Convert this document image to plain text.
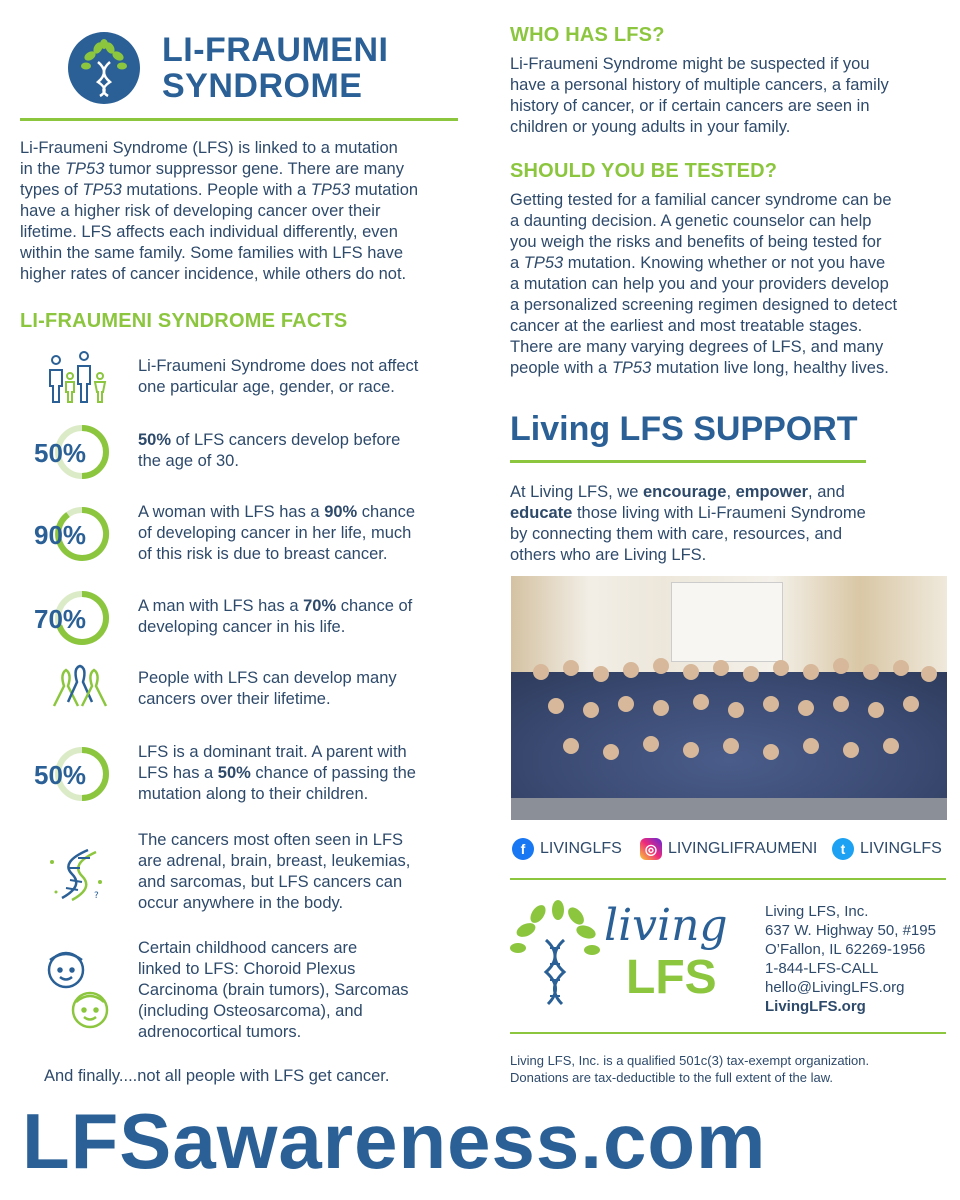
LI-FRAUMENI
SYNDROME
Li-Fraumeni Syndrome (LFS) is linked to a mutation
in the TP53 tumor suppressor gene. There are many
types of TP53 mutations. People with a TP53 mutation
have a higher risk of developing cancer over their
lifetime. LFS affects each individual differently, even
within the same family. Some families with LFS have
higher rates of cancer incidence, while others do not.
LI-FRAUMENI SYNDROME FACTS
Li-Fraumeni Syndrome does not affect
one particular age, gender, or race.
50%	50% of LFS cancers develop before
the age of 30.
90%
A woman with LFS has a 90% chance
of developing cancer in her life, much
of this risk is due to breast cancer.
70%	A man with LFS has a 70% chance of
developing cancer in his life.
People with LFS can develop many
cancers over their lifetime.
50%
LFS is a dominant trait. A parent with
LFS has a 50% chance of passing the
mutation along to their children.
?
The cancers most often seen in LFS
are adrenal, brain, breast, leukemias,
and sarcomas, but LFS cancers can
occur anywhere in the body.
Certain childhood cancers are
linked to LFS: Choroid Plexus
Carcinoma (brain tumors), Sarcomas
(including Osteosarcoma), and
adrenocortical tumors.
And finally....not all people with LFS get cancer.
WHO HAS LFS?
Li-Fraumeni Syndrome might be suspected if you
have a personal history of multiple cancers, a family
history of cancer, or if certain cancers are seen in
children or young adults in your family.
SHOULD YOU BE TESTED?
Getting tested for a familial cancer syndrome can be
a daunting decision. A genetic counselor can help
you weigh the risks and benefits of being tested for
a TP53 mutation. Knowing whether or not you have
a mutation can help you and your providers develop
a personalized screening regimen designed to detect
cancer at the earliest and most treatable stages.
There are many varying degrees of LFS, and many
people with a TP53 mutation live long, healthy lives.
Living LFS SUPPORT
At Living LFS, we encourage, empower, and
educate those living with Li-Fraumeni Syndrome
by connecting them with care, resources, and
others who are Living LFS.
f LIVINGLFS	◎ LIVINGLIFRAUMENI	t LIVINGLFS
living
LFS
Living LFS, Inc.
637 W. Highway 50, #195
O’Fallon, IL 62269-1956
1-844-LFS-CALL
hello@LivingLFS.org
LivingLFS.org
Living LFS, Inc. is a qualified 501c(3) tax-exempt organization.
Donations are tax-deductible to the full extent of the law.
LFSawareness.com
